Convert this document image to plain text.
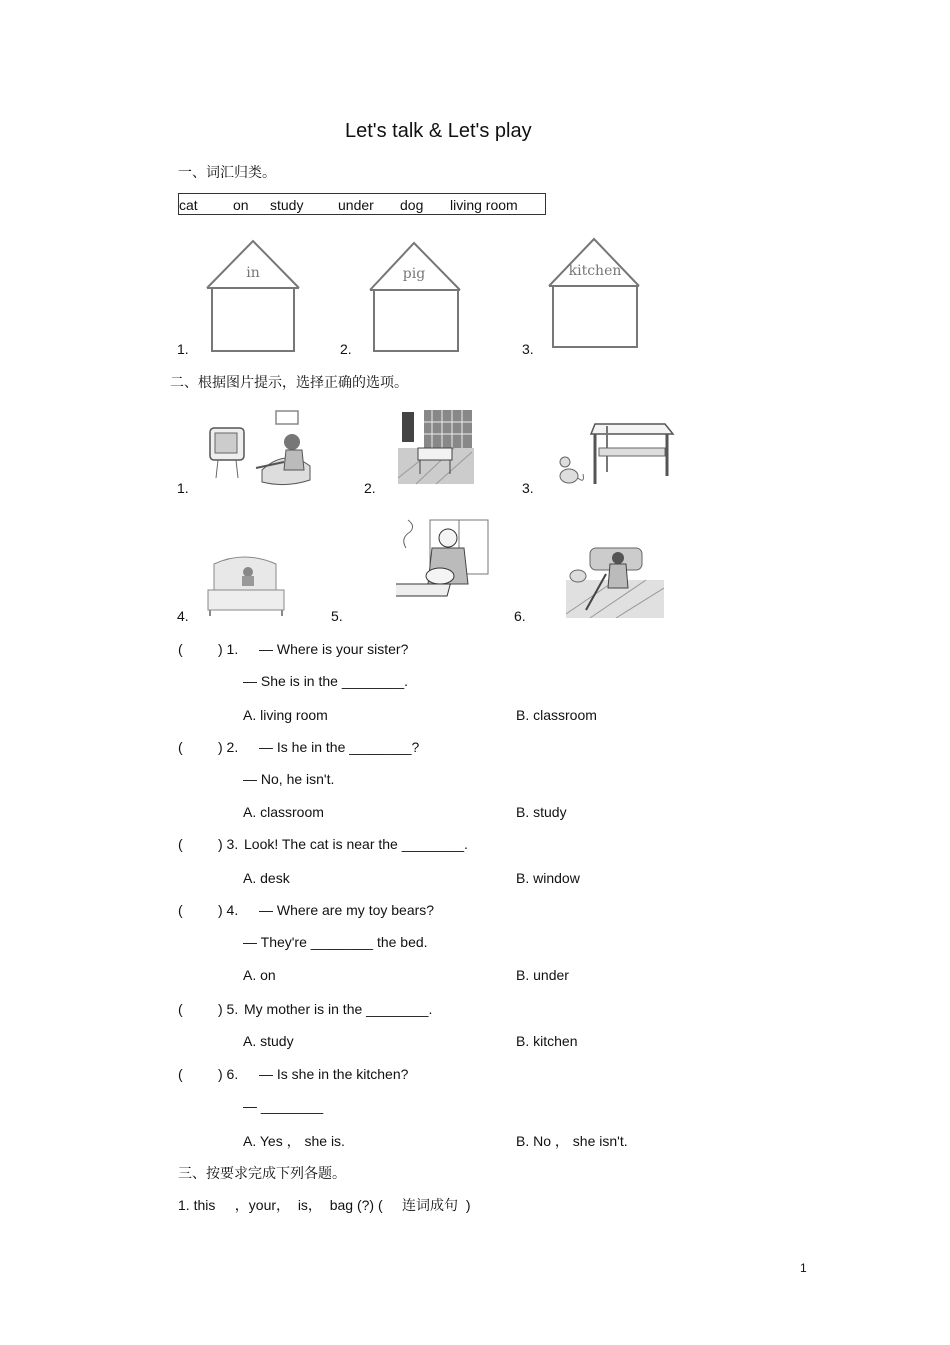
Let's talk & Let's play
一、词汇归类。
cat	on study under dog living room
in	pig	kitchen
1.	2.	3.
二、根据图片提示，选择正确的选项。
1.	2.	3.
4.	5.	6.
(	) 1. — Where is your sister?
— She is in the ________.
A. living room	B. classroom
(	) 2. — Is he in the ________?
— No, he isn't.
A. classroom	B. study
(	) 3. Look! The cat is near the ________.
A. desk	B. window
(	) 4. — Where are my toy bears?
— They're ________ the bed.
A. on	B. under
(	) 5. My mother is in the ________.
A. study	B. kitchen
(	) 6. — Is she in the kitchen?
— ________
A. Yes ， she is.	B. No ， she isn't.
三、按要求完成下列各题。
1. this     ，your，  is，  bag (?) (     连词成句  )
1
